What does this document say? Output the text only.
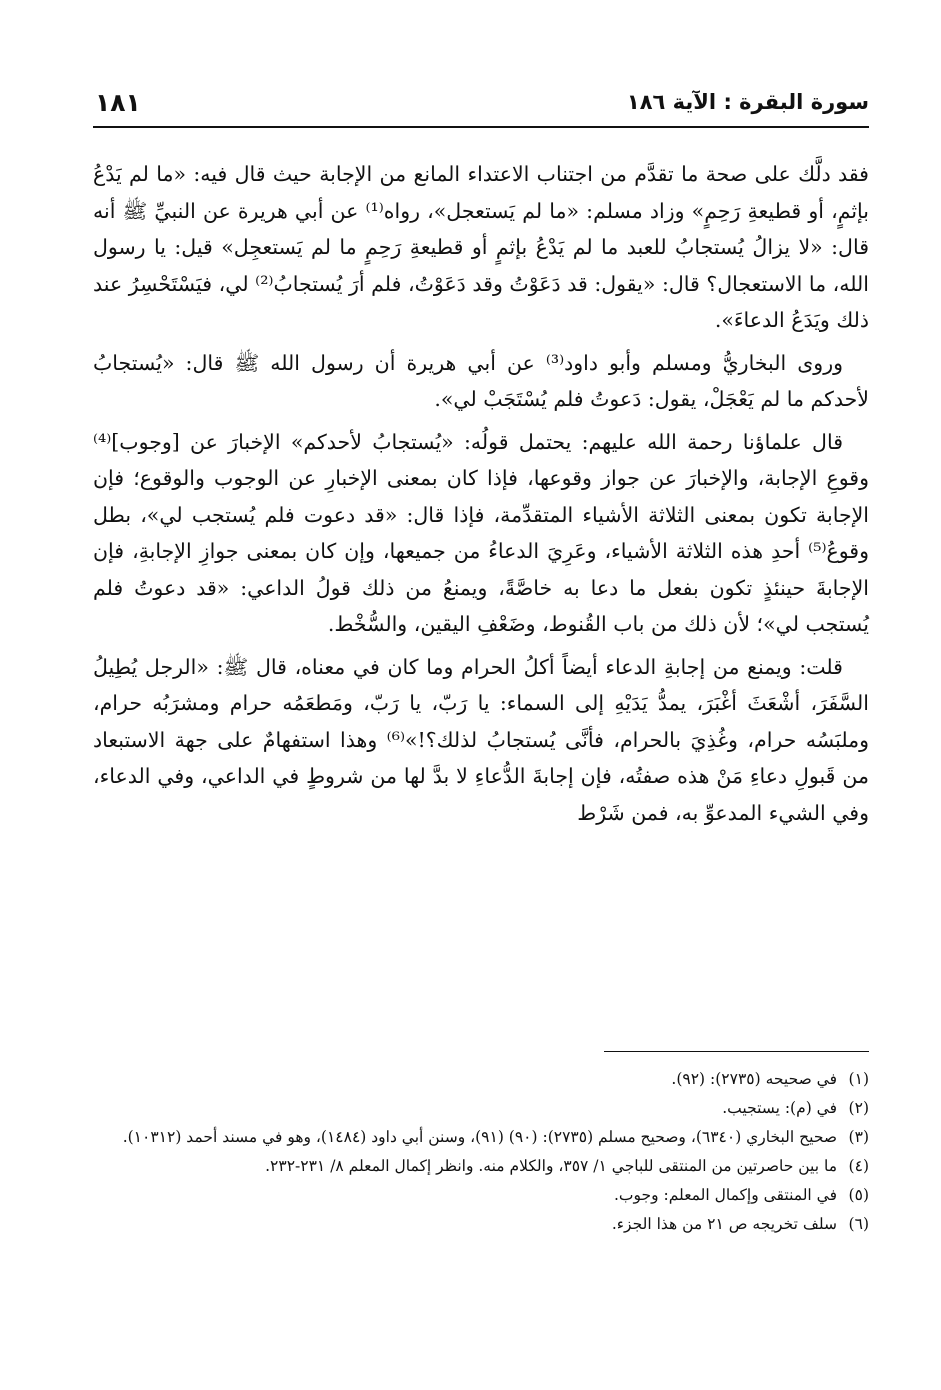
سورة البقرة : الآية ١٨٦
١٨١

فقد دلَّك على صحة ما تقدَّم من اجتناب الاعتداء المانع من الإجابة حيث قال فيه: «ما لم يَدْعُ بإثمٍ، أو قطيعةِ رَحِمٍ» وزاد مسلم: «ما لم يَستعجل»، رواه⁽¹⁾ عن أبي هريرة عن النبيِّ ﷺ أنه قال: «لا يزالُ يُستجابُ للعبد ما لم يَدْعُ بإثمٍ أو قطيعةِ رَحِمٍ ما لم يَستعجِل» قيل: يا رسول الله، ما الاستعجال؟ قال: «يقول: قد دَعَوْتُ وقد دَعَوْتُ، فلم أرَ يُستجابُ⁽²⁾ لي، فيَسْتَحْسِرُ عند ذلك ويَدَعُ الدعاءَ».

وروى البخاريُّ ومسلم وأبو داود⁽³⁾ عن أبي هريرة أن رسول الله ﷺ قال: «يُستجابُ لأحدكم ما لم يَعْجَلْ، يقول: دَعوتُ فلم يُسْتَجَبْ لي».

قال علماؤنا رحمة الله عليهم: يحتمل قولُه: «يُستجابُ لأحدكم» الإخبارَ عن [وجوب]⁽⁴⁾ وقوعِ الإجابة، والإخبارَ عن جواز وقوعها، فإذا كان بمعنى الإخبارِ عن الوجوب والوقوع؛ فإن الإجابة تكون بمعنى الثلاثة الأشياء المتقدِّمة، فإذا قال: «قد دعوت فلم يُستجب لي»، بطل وقوعُ⁽⁵⁾ أحدِ هذه الثلاثة الأشياء، وعَرِيَ الدعاءُ من جميعها، وإن كان بمعنى جوازِ الإجابةِ، فإن الإجابةَ حينئذٍ تكون بفعل ما دعا به خاصَّةً، ويمنعُ من ذلك قولُ الداعي: «قد دعوتُ فلم يُستجب لي»؛ لأن ذلك من باب القُنوط، وضَعْفِ اليقين، والسُّخْط.

قلت: ويمنع من إجابةِ الدعاء أيضاً أكلُ الحرام وما كان في معناه، قال ﷺ: «الرجل يُطِيلُ السَّفَرَ، أشْعَثَ أغْبَرَ، يمدُّ يَدَيْهِ إلى السماء: يا رَبّ، يا رَبّ، ومَطعَمُه حرام ومشرَبُه حرام، وملبَسُه حرام، وغُذِيَ بالحرام، فأنَّى يُستجابُ لذلك؟!»⁽⁶⁾ وهذا استفهامٌ على جهة الاستبعاد من قَبولِ دعاءِ مَنْ هذه صفتُه، فإن إجابةَ الدُّعاءِ لا بدَّ لها من شروطٍ في الداعي، وفي الدعاء، وفي الشيء المدعوِّ به، فمن شَرْط

(١)
في صحيحه (٢٧٣٥): (٩٢).
(٢)
في (م): يستجيب.
(٣)
صحيح البخاري (٦٣٤٠)، وصحيح مسلم (٢٧٣٥): (٩٠) (٩١)، وسنن أبي داود (١٤٨٤)، وهو في مسند أحمد (١٠٣١٢).
(٤)
ما بين حاصرتين من المنتقى للباجي ١/ ٣٥٧، والكلام منه. وانظر إكمال المعلم ٨/ ٢٣١-٢٣٢.
(٥)
في المنتقى وإكمال المعلم: وجوب.
(٦)
سلف تخريجه ص ٢١ من هذا الجزء.
